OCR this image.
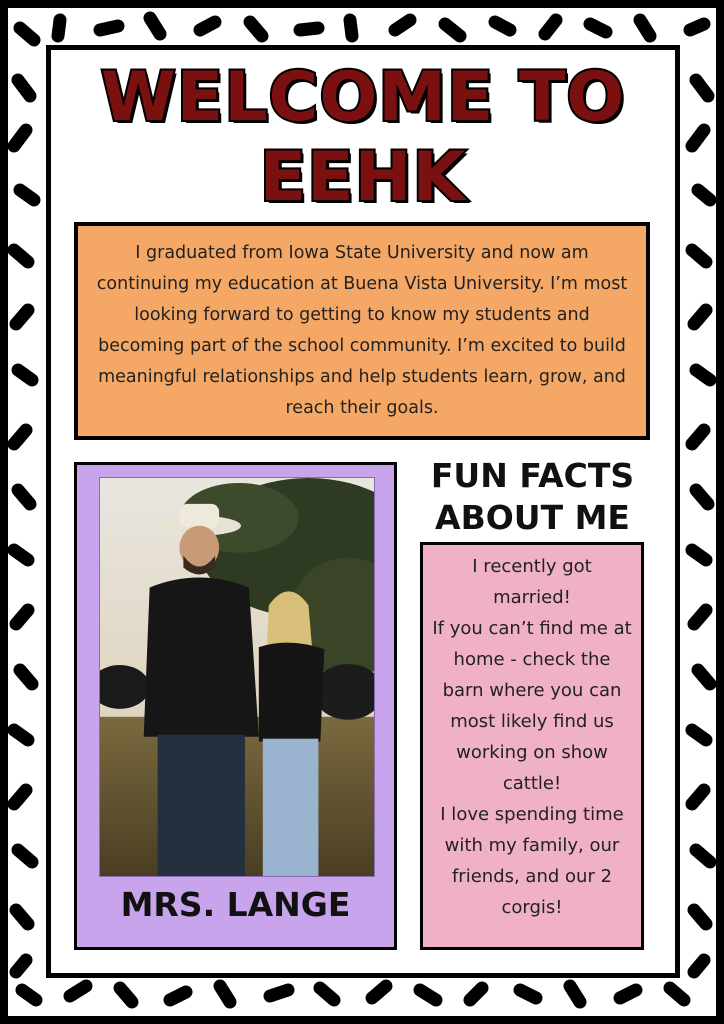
WELCOME TO
EEHK

I graduated from Iowa State University and now am continuing my education at Buena Vista University. I’m most looking forward to getting to know my students and becoming part of the school community. I’m excited to build meaningful relationships and help students learn, grow, and reach their goals.

MRS. LANGE
FUN FACTS
ABOUT ME

I recently got married!

If you can’t find me at home - check the barn where you can most likely find us working on show cattle!

I love spending time with my family, our friends, and our 2 corgis!
